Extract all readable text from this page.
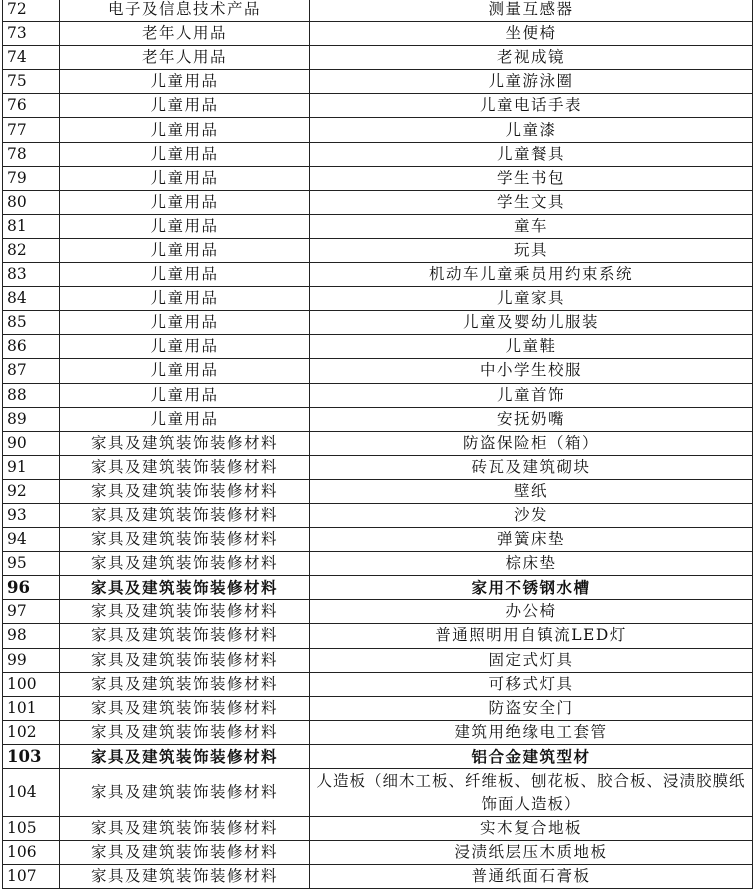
72	电子及信息技术产品	测量互感器
73	老年人用品	坐便椅
74	老年人用品	老视成镜
75	儿童用品	儿童游泳圈
76	儿童用品	儿童电话手表
77	儿童用品	儿童漆
78	儿童用品	儿童餐具
79	儿童用品	学生书包
80	儿童用品	学生文具
81	儿童用品	童车
82	儿童用品	玩具
83	儿童用品	机动车儿童乘员用约束系统
84	儿童用品	儿童家具
85	儿童用品	儿童及婴幼儿服装
86	儿童用品	儿童鞋
87	儿童用品	中小学生校服
88	儿童用品	儿童首饰
89	儿童用品	安抚奶嘴
90	家具及建筑装饰装修材料	防盗保险柜（箱）
91	家具及建筑装饰装修材料	砖瓦及建筑砌块
92	家具及建筑装饰装修材料	壁纸
93	家具及建筑装饰装修材料	沙发
94	家具及建筑装饰装修材料	弹簧床垫
95	家具及建筑装饰装修材料	棕床垫
96	家具及建筑装饰装修材料	家用不锈钢水槽
97	家具及建筑装饰装修材料	办公椅
98	家具及建筑装饰装修材料	普通照明用自镇流LED灯
99	家具及建筑装饰装修材料	固定式灯具
100	家具及建筑装饰装修材料	可移式灯具
101	家具及建筑装饰装修材料	防盗安全门
102	家具及建筑装饰装修材料	建筑用绝缘电工套管
103	家具及建筑装饰装修材料	铝合金建筑型材
104	家具及建筑装饰装修材料	人造板（细木工板、纤维板、刨花板、胶合板、浸渍胶膜纸饰面人造板）
105	家具及建筑装饰装修材料	实木复合地板
106	家具及建筑装饰装修材料	浸渍纸层压木质地板
107	家具及建筑装饰装修材料	普通纸面石膏板
